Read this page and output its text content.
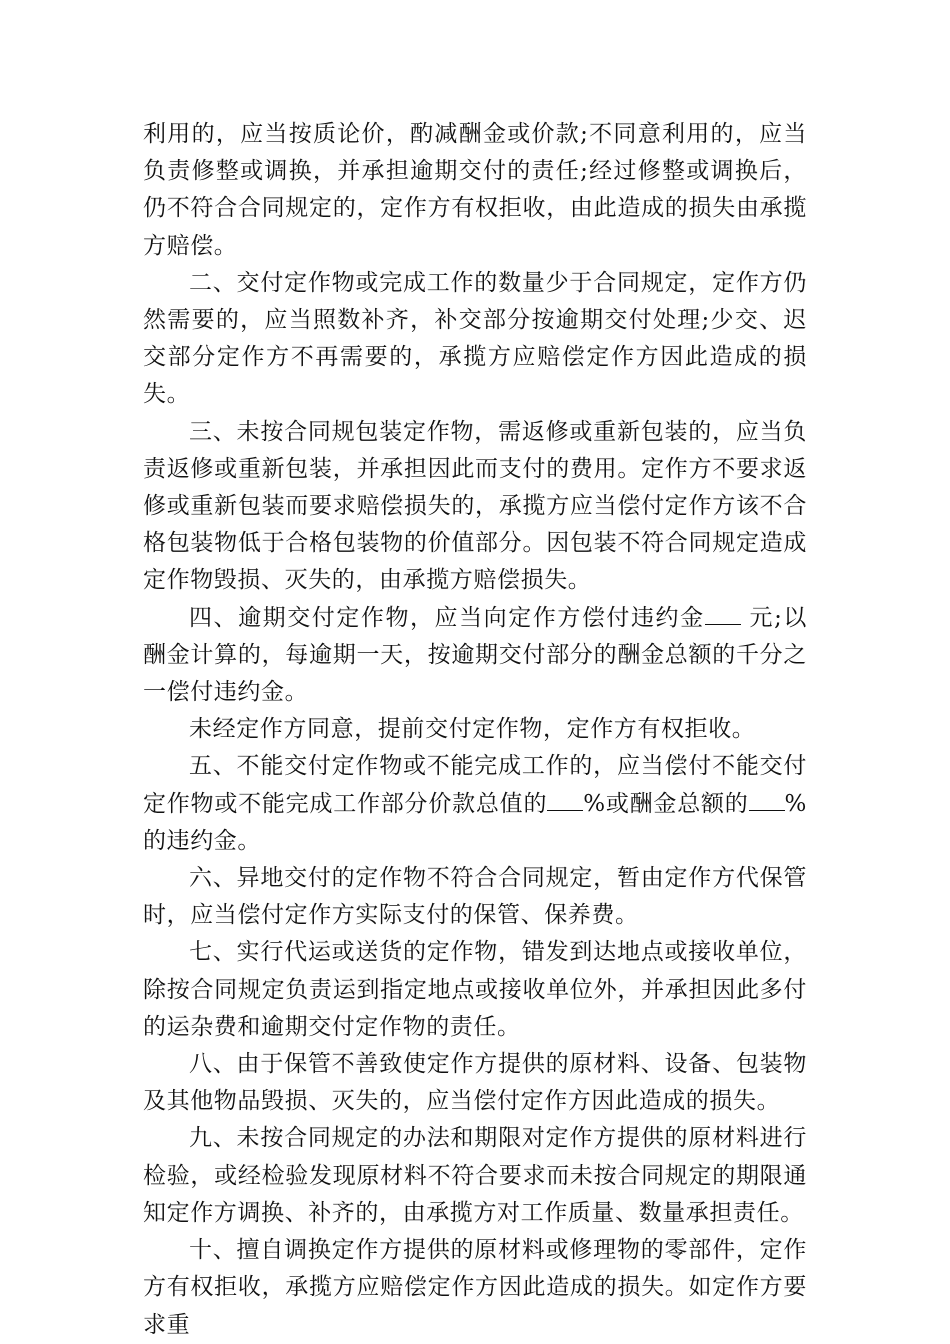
利用的，应当按质论价，酌减酬金或价款;不同意利用的，应当负责修整或调换，并承担逾期交付的责任;经过修整或调换后，仍不符合合同规定的，定作方有权拒收，由此造成的损失由承揽方赔偿。

二、交付定作物或完成工作的数量少于合同规定，定作方仍然需要的，应当照数补齐，补交部分按逾期交付处理;少交、迟交部分定作方不再需要的，承揽方应赔偿定作方因此造成的损失。

三、未按合同规包装定作物，需返修或重新包装的，应当负责返修或重新包装，并承担因此而支付的费用。定作方不要求返修或重新包装而要求赔偿损失的，承揽方应当偿付定作方该不合格包装物低于合格包装物的价值部分。因包装不符合同规定造成定作物毁损、灭失的，由承揽方赔偿损失。

四、逾期交付定作物，应当向定作方偿付违约金 元;以酬金计算的，每逾期一天，按逾期交付部分的酬金总额的千分之一偿付违约金。

未经定作方同意，提前交付定作物，定作方有权拒收。

五、不能交付定作物或不能完成工作的，应当偿付不能交付定作物或不能完成工作部分价款总值的 %或酬金总额的 %的违约金。

六、异地交付的定作物不符合合同规定，暂由定作方代保管时，应当偿付定作方实际支付的保管、保养费。

七、实行代运或送货的定作物，错发到达地点或接收单位，除按合同规定负责运到指定地点或接收单位外，并承担因此多付的运杂费和逾期交付定作物的责任。

八、由于保管不善致使定作方提供的原材料、设备、包装物及其他物品毁损、灭失的，应当偿付定作方因此造成的损失。

九、未按合同规定的办法和期限对定作方提供的原材料进行检验，或经检验发现原材料不符合要求而未按合同规定的期限通知定作方调换、补齐的，由承揽方对工作质量、数量承担责任。

十、擅自调换定作方提供的原材料或修理物的零部件，定作方有权拒收，承揽方应赔偿定作方因此造成的损失。如定作方要求重
